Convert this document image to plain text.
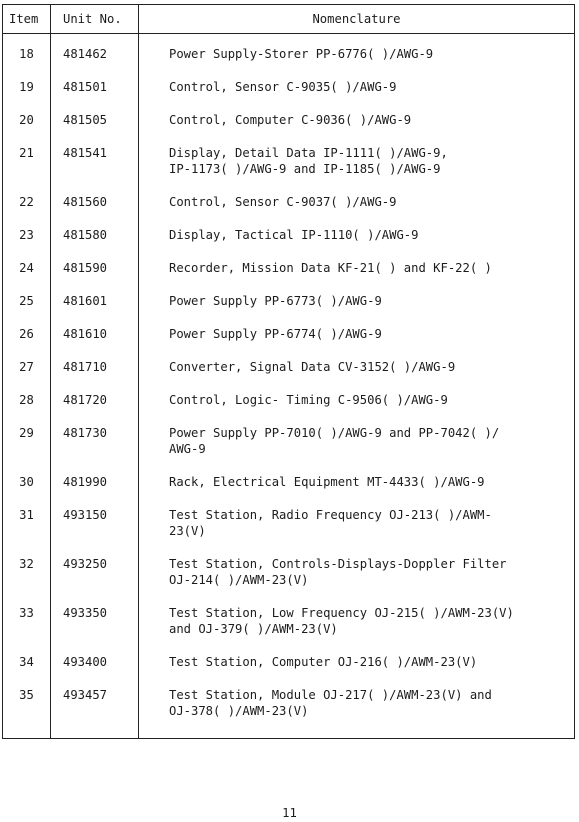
Item	Unit No.	Nomenclature
18	481462	Power Supply-Storer PP-6776( )/AWG-9
19	481501	Control, Sensor C-9035( )/AWG-9
20	481505	Control, Computer C-9036( )/AWG-9
21	481541	Display, Detail Data IP-1111( )/AWG-9,
IP-1173( )/AWG-9 and IP-1185( )/AWG-9
22	481560	Control, Sensor C-9037( )/AWG-9
23	481580	Display, Tactical IP-1110( )/AWG-9
24	481590	Recorder, Mission Data KF-21( ) and KF-22( )
25	481601	Power Supply PP-6773( )/AWG-9
26	481610	Power Supply PP-6774( )/AWG-9
27	481710	Converter, Signal Data CV-3152( )/AWG-9
28	481720	Control, Logic- Timing C-9506( )/AWG-9
29	481730	Power Supply PP-7010( )/AWG-9 and PP-7042( )/
AWG-9
30	481990	Rack, Electrical Equipment MT-4433( )/AWG-9
31	493150	Test Station, Radio Frequency OJ-213( )/AWM-
23(V)
32	493250	Test Station, Controls-Displays-Doppler Filter
OJ-214( )/AWM-23(V)
33	493350	Test Station, Low Frequency OJ-215( )/AWM-23(V)
and OJ-379( )/AWM-23(V)
34	493400	Test Station, Computer OJ-216( )/AWM-23(V)
35	493457	Test Station, Module OJ-217( )/AWM-23(V) and
OJ-378( )/AWM-23(V)
11
